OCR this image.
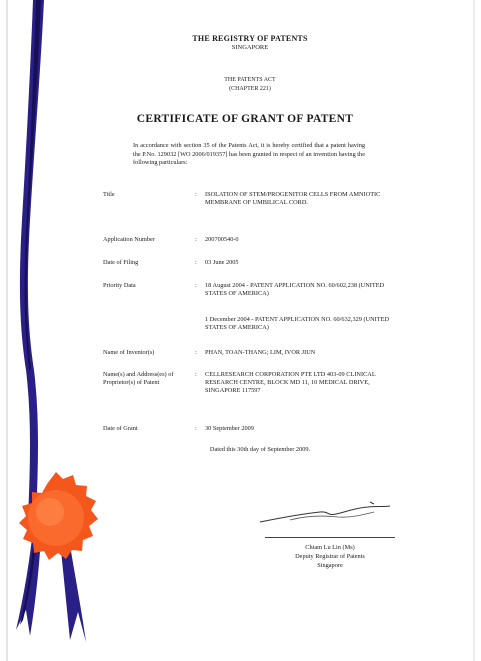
THE REGISTRY OF PATENTS
SINGAPORE
THE PATENTS ACT
(CHAPTER 221)
CERTIFICATE OF GRANT OF PATENT
In accordance with section 35 of the Patents Act, it is hereby certified that a patent having the P.No. 129032 [WO 2006/019357] has been granted in respect of an invention having the following particulars:
Title	: ISOLATION OF STEM/PROGENITOR CELLS FROM AMNIOTIC MEMBRANE OF UMBILICAL CORD.
Application Number	: 200700540-0
Date of Filing	: 03 June 2005
Priority Data	: 18 August 2004 - PATENT APPLICATION NO. 60/602,238 (UNITED STATES OF AMERICA)
1 December 2004 - PATENT APPLICATION NO. 60/632,329 (UNITED STATES OF AMERICA)
Name of Inventor(s)	: PHAN, TOAN-THANG; LIM, IVOR JIUN
Name(s) and Address(es) of Proprietor(s) of Patent
: CELLRESEARCH CORPORATION PTE LTD 403-09 CLINICAL RESEARCH CENTRE, BLOCK MD 11, 10 MEDICAL DRIVE, SINGAPORE 117597
Date of Grant	: 30 September 2009
Dated this 30th day of September 2009.
Chiam Lu Lin (Ms)
Deputy Registrar of Patents
Singapore
